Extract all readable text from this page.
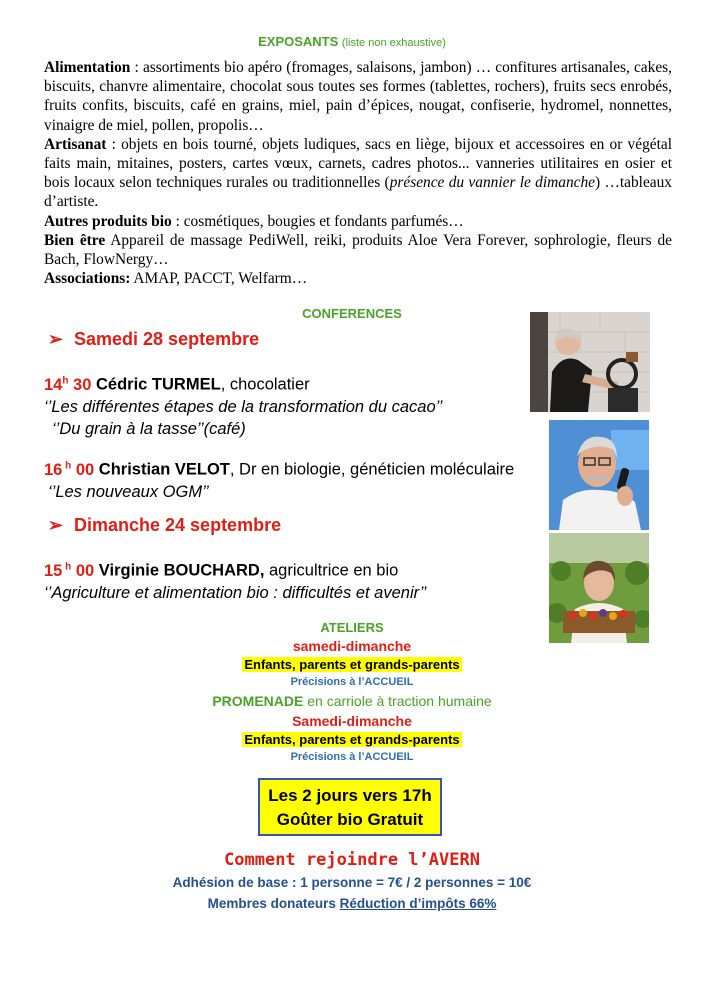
EXPOSANTS (liste non exhaustive)

Alimentation : assortiments bio apéro (fromages, salaisons, jambon) … confitures artisanales, cakes, biscuits, chanvre alimentaire, chocolat sous toutes ses formes (tablettes, rochers), fruits secs enrobés, fruits confits, biscuits, café en grains, miel, pain d’épices, nougat, confiserie, hydromel, nonnettes, vinaigre de miel, pollen, propolis…

Artisanat : objets en bois tourné, objets ludiques, sacs en liège, bijoux et accessoires en or végétal faits main, mitaines, posters, cartes vœux, carnets, cadres photos... vanneries utilitaires en osier et bois locaux selon techniques rurales ou traditionnelles (présence du vannier le dimanche) …tableaux d’artiste.

Autres produits bio : cosmétiques, bougies et fondants parfumés…

Bien être Appareil de massage PediWell, reiki, produits Aloe Vera Forever, sophrologie, fleurs de Bach, FlowNergy…

Associations: AMAP, PACCT, Welfarm…

CONFERENCES
➢ Samedi 28 septembre
14$^h$ 30 Cédric TURMEL, chocolatier
‘’Les différentes étapes de la transformation du cacao’’
‘’Du grain à la tasse’’(café)
16 $^h$ 00 Christian VELOT, Dr en biologie, généticien moléculaire
‘’Les nouveaux OGM’’
➢ Dimanche 24 septembre
15 $^h$ 00 Virginie BOUCHARD, agricultrice en bio
‘’Agriculture et alimentation bio : difficultés et avenir’’
ATELIERS
samedi-dimanche
Enfants, parents et grands-parents
Précisions à l’ACCUEIL
PROMENADE en carriole à traction humaine
Samedi-dimanche
Enfants, parents et grands-parents
Précisions à l’ACCUEIL
Les 2 jours vers 17h
Goûter bio Gratuit
Comment rejoindre l’AVERN
Adhésion de base : 1 personne = 7€ / 2 personnes = 10€
Membres donateurs Réduction d’impôts 66%
